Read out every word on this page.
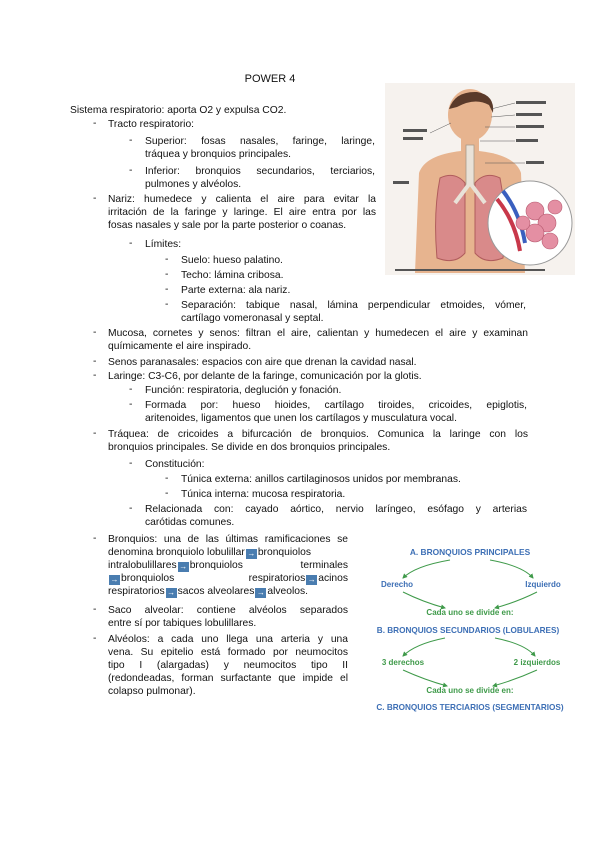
POWER 4
Sistema respiratorio: aporta O2 y expulsa CO2.
- Tracto respiratorio:
- Superior: fosas nasales, faringe, laringe,
tráquea y bronquios principales.
- Inferior: bronquios secundarios, terciarios,
pulmones y alvéolos.
- Nariz: humedece y calienta el aire para evitar la
irritación de la faringe y laringe. El aire entra por las
fosas nasales y sale por la parte posterior o coanas.
- Límites:
- Suelo: hueso palatino.
- Techo: lámina cribosa.
- Parte externa: ala nariz.
- Separación: tabique nasal, lámina perpendicular etmoides, vómer,
cartílago vomeronasal y septal.
- Mucosa, cornetes y senos: filtran el aire, calientan y humedecen el aire y examinan
químicamente el aire inspirado.
- Senos paranasales: espacios con aire que drenan la cavidad nasal.
- Laringe: C3-C6, por delante de la faringe, comunicación por la glotis.
- Función: respiratoria, deglución y fonación.
- Formada por: hueso hioides, cartílago tiroides, cricoides, epiglotis,
aritenoides, ligamentos que unen los cartílagos y musculatura vocal.
- Tráquea: de cricoides a bifurcación de bronquios. Comunica la laringe con los
bronquios principales. Se divide en dos bronquios principales.
- Constitución:
- Túnica externa: anillos cartilaginosos unidos por membranas.
- Túnica interna: mucosa respiratoria.
- Relacionada con: cayado aórtico, nervio laríngeo, esófago y arterias
carótidas comunes.
- Bronquios: una de las últimas ramificaciones se
denomina bronquiolo lobulillar → bronquiolos
intralobulillares → bronquiolos	terminales
→ bronquiolos	respiratorios → acinos
respiratorios → sacos alveolares → alveolos.
- Saco alveolar: contiene alvéolos separados
entre sí por tabiques lobulillares.
- Alvéolos: a cada uno llega una arteria y una
vena. Su epitelio está formado por neumocitos
tipo I (alargadas) y neumocitos tipo II
(redondeadas, forman surfactante que impide el
colapso pulmonar).
A. BRONQUIOS PRINCIPALES
Derecho	Izquierdo
Cada uno se divide en:
B. BRONQUIOS SECUNDARIOS (LOBULARES)
3 derechos	2 izquierdos
Cada uno se divide en:
C. BRONQUIOS TERCIARIOS (SEGMENTARIOS)
